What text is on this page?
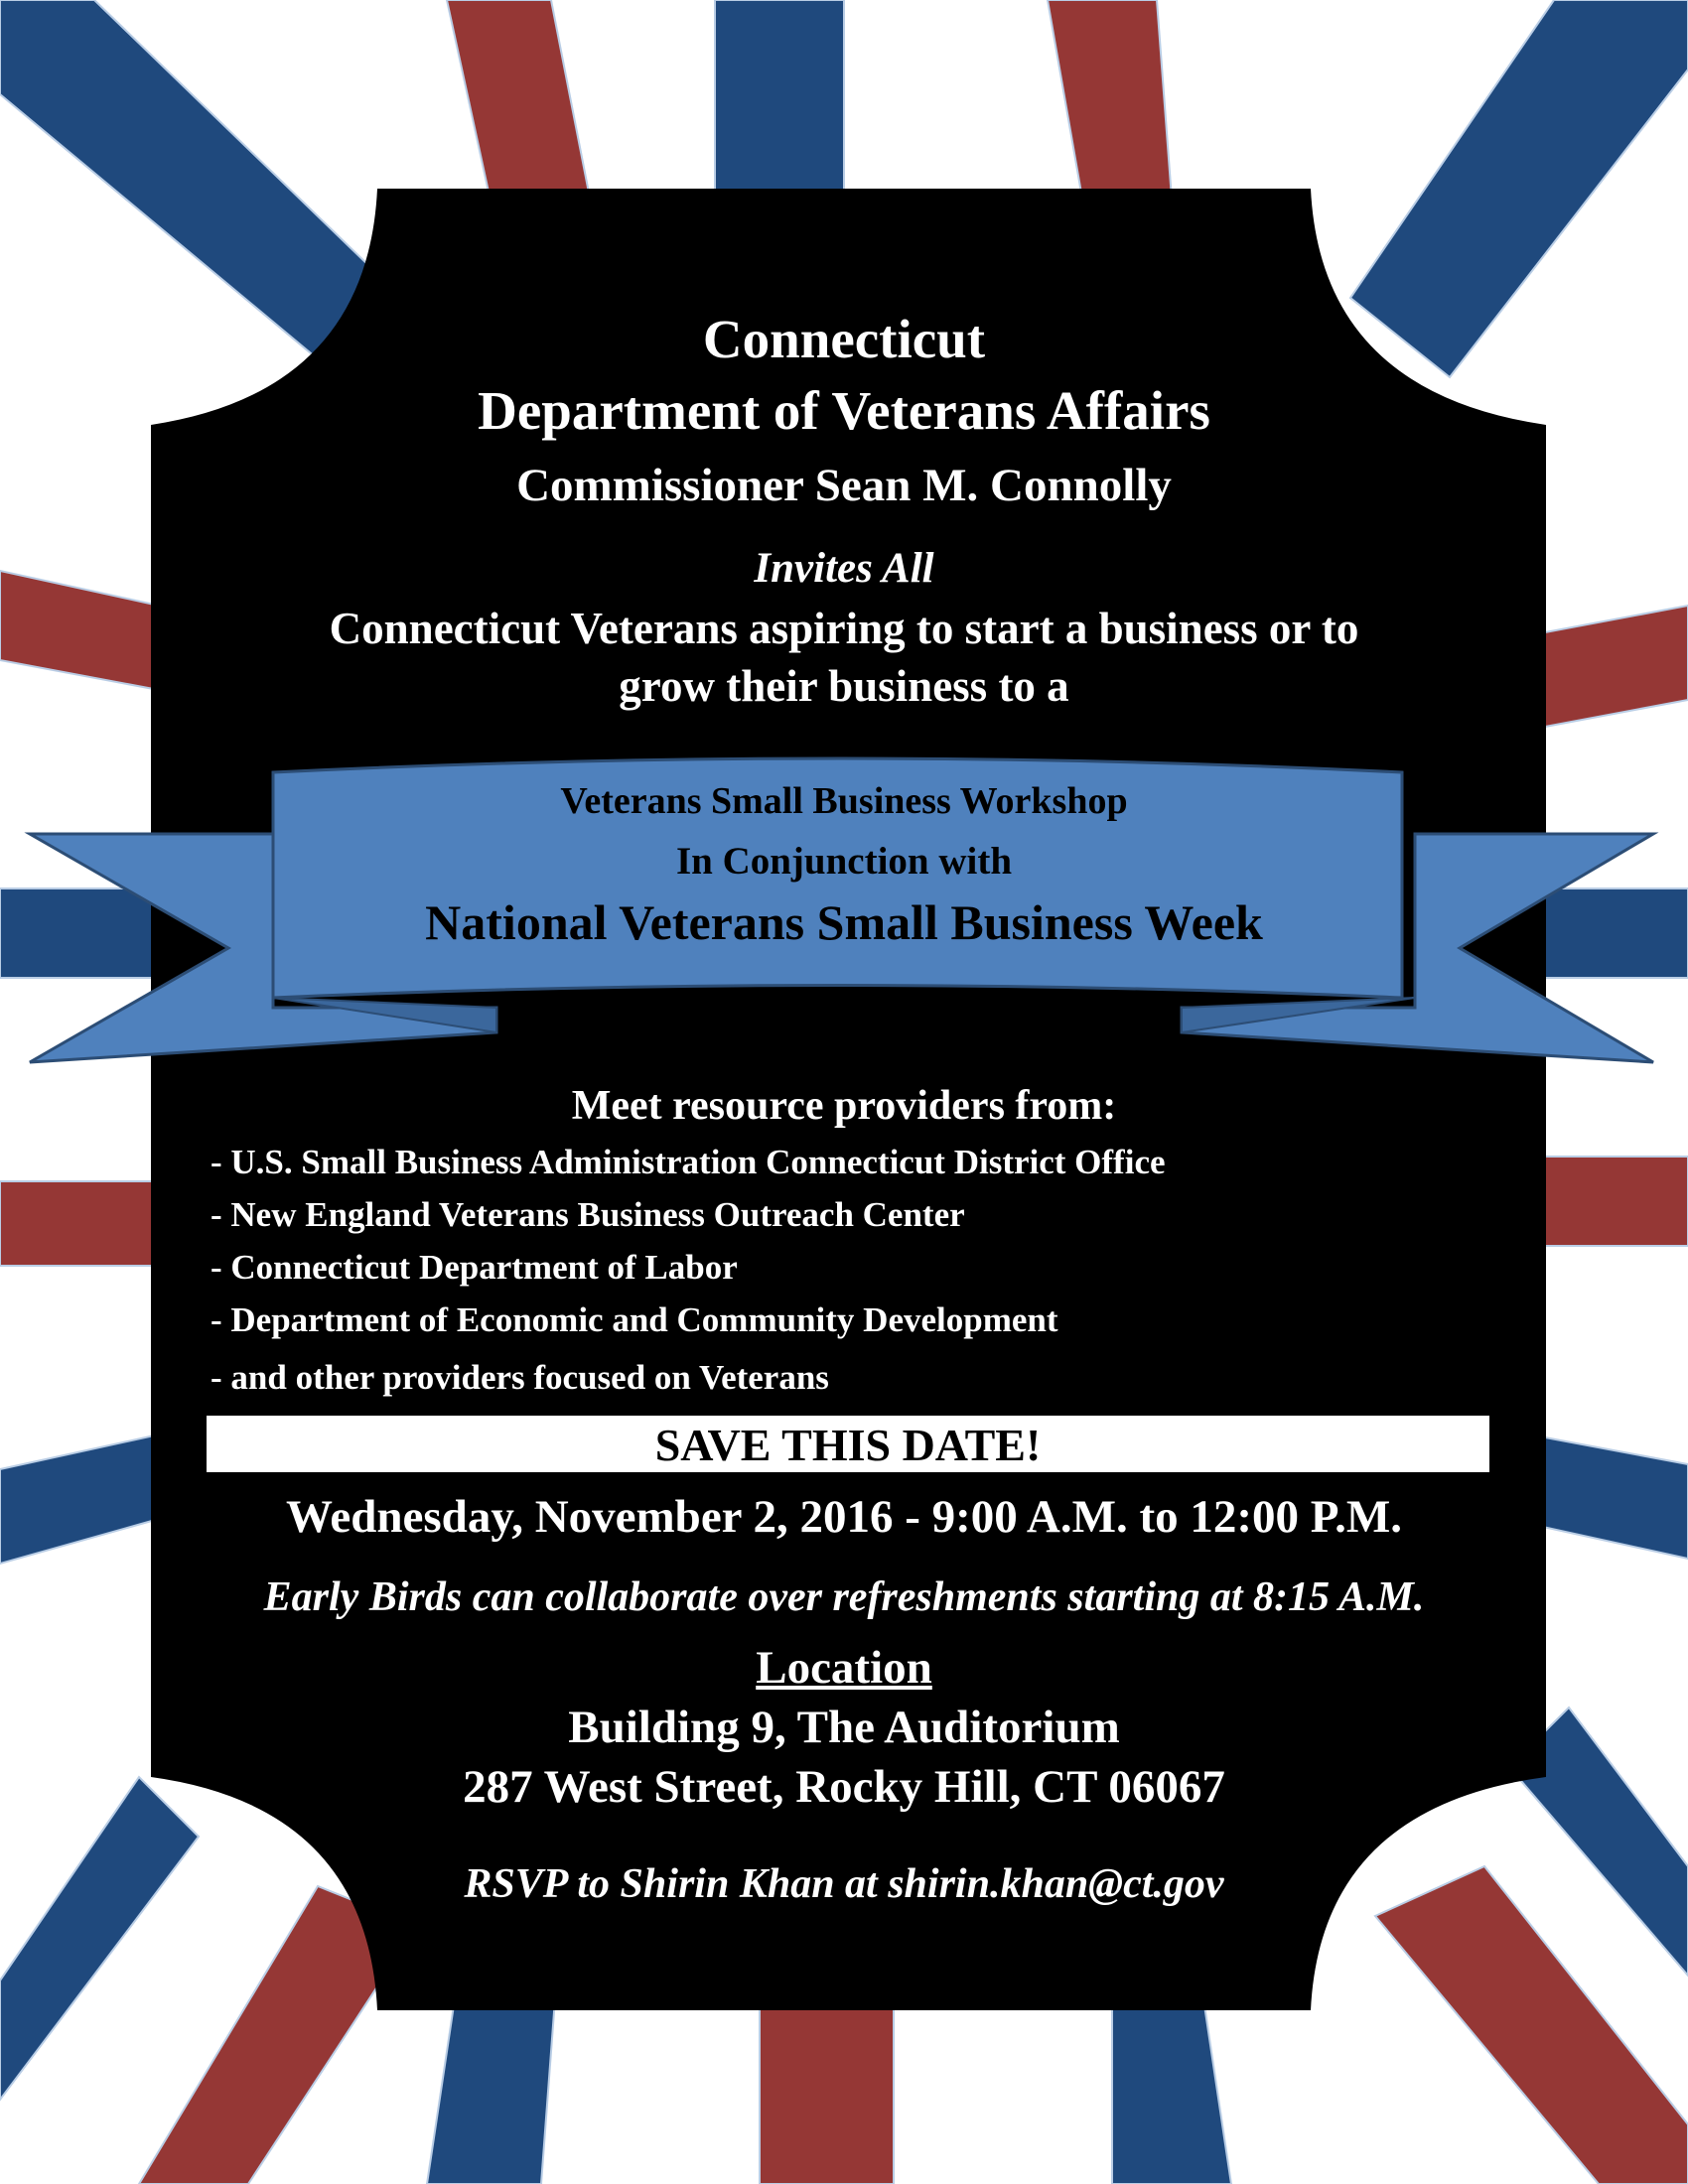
Connecticut
Department of Veterans Affairs
Commissioner Sean M. Connolly
Invites All
Connecticut Veterans aspiring to start a business or to
grow their business to a
Veterans Small Business Workshop
In Conjunction with
National Veterans Small Business Week
Meet resource providers from:
- U.S. Small Business Administration Connecticut District Office
- New England Veterans Business Outreach Center
- Connecticut Department of Labor
- Department of Economic and Community Development
- and other providers focused on Veterans
SAVE THIS DATE!
Wednesday, November 2, 2016 - 9:00 A.M. to 12:00 P.M.
Early Birds can collaborate over refreshments starting at 8:15 A.M.
Location
Building 9, The Auditorium
287 West Street, Rocky Hill, CT 06067
RSVP to Shirin Khan at shirin.khan@ct.gov
